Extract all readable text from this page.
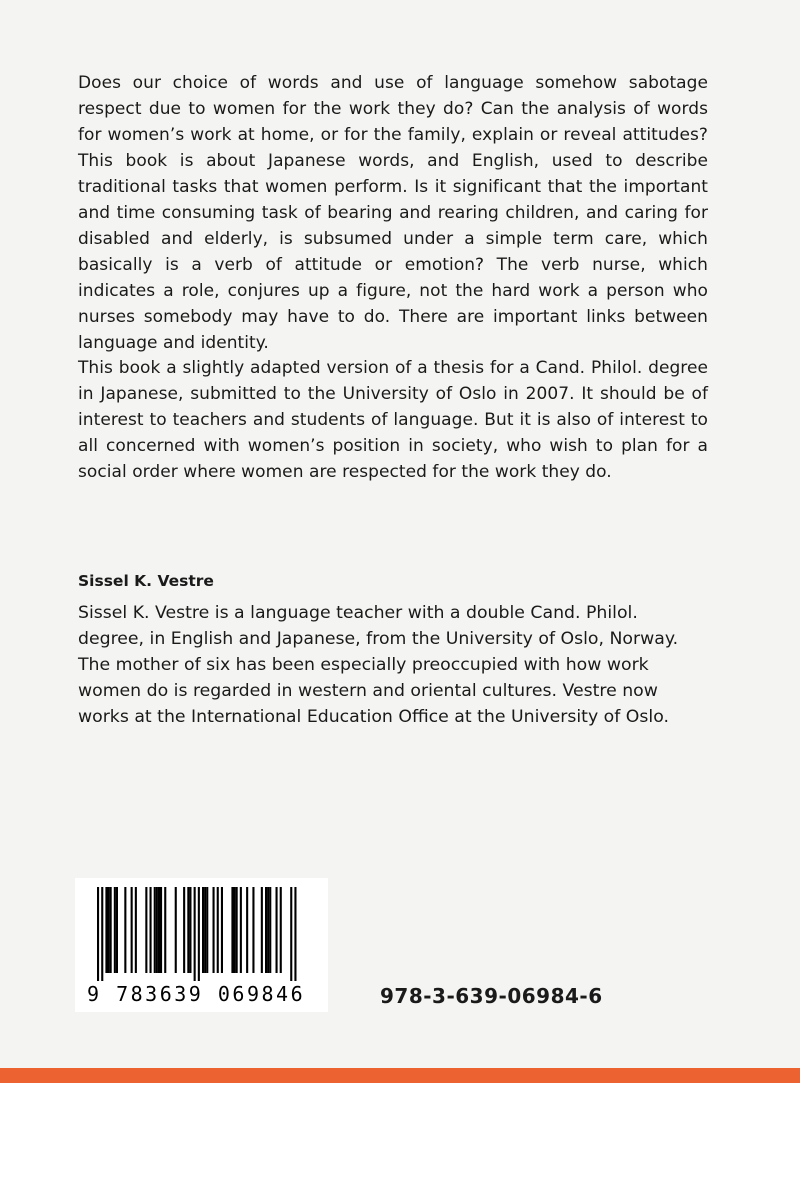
Does our choice of words and use of language somehow sabotage respect due to women for the work they do? Can the analysis of words for women’s work at home, or for the family, explain or reveal attitudes? This book is about Japanese words, and English, used to describe traditional tasks that women perform. Is it significant that the important and time consuming task of bearing and rearing children, and caring for disabled and elderly, is subsumed under a simple term care, which basically is a verb of attitude or emotion? The verb nurse, which indicates a role, conjures up a figure, not the hard work a person who nurses somebody may have to do. There are important links between language and identity.

This book a slightly adapted version of a thesis for a Cand. Philol. degree in Japanese, submitted to the University of Oslo in 2007. It should be of interest to teachers and students of language. But it is also of interest to all concerned with women’s position in society, who wish to plan for a social order where women are respected for the work they do.

Sissel K. Vestre

Sissel K. Vestre is a language teacher with a double Cand. Philol.
degree, in English and Japanese, from the University of Oslo, Norway.
The mother of six has been especially preoccupied with how work
women do is regarded in western and oriental cultures. Vestre now
works at the International Education Office at the University of Oslo.

9 783639 069846	978-3-639-06984-6
